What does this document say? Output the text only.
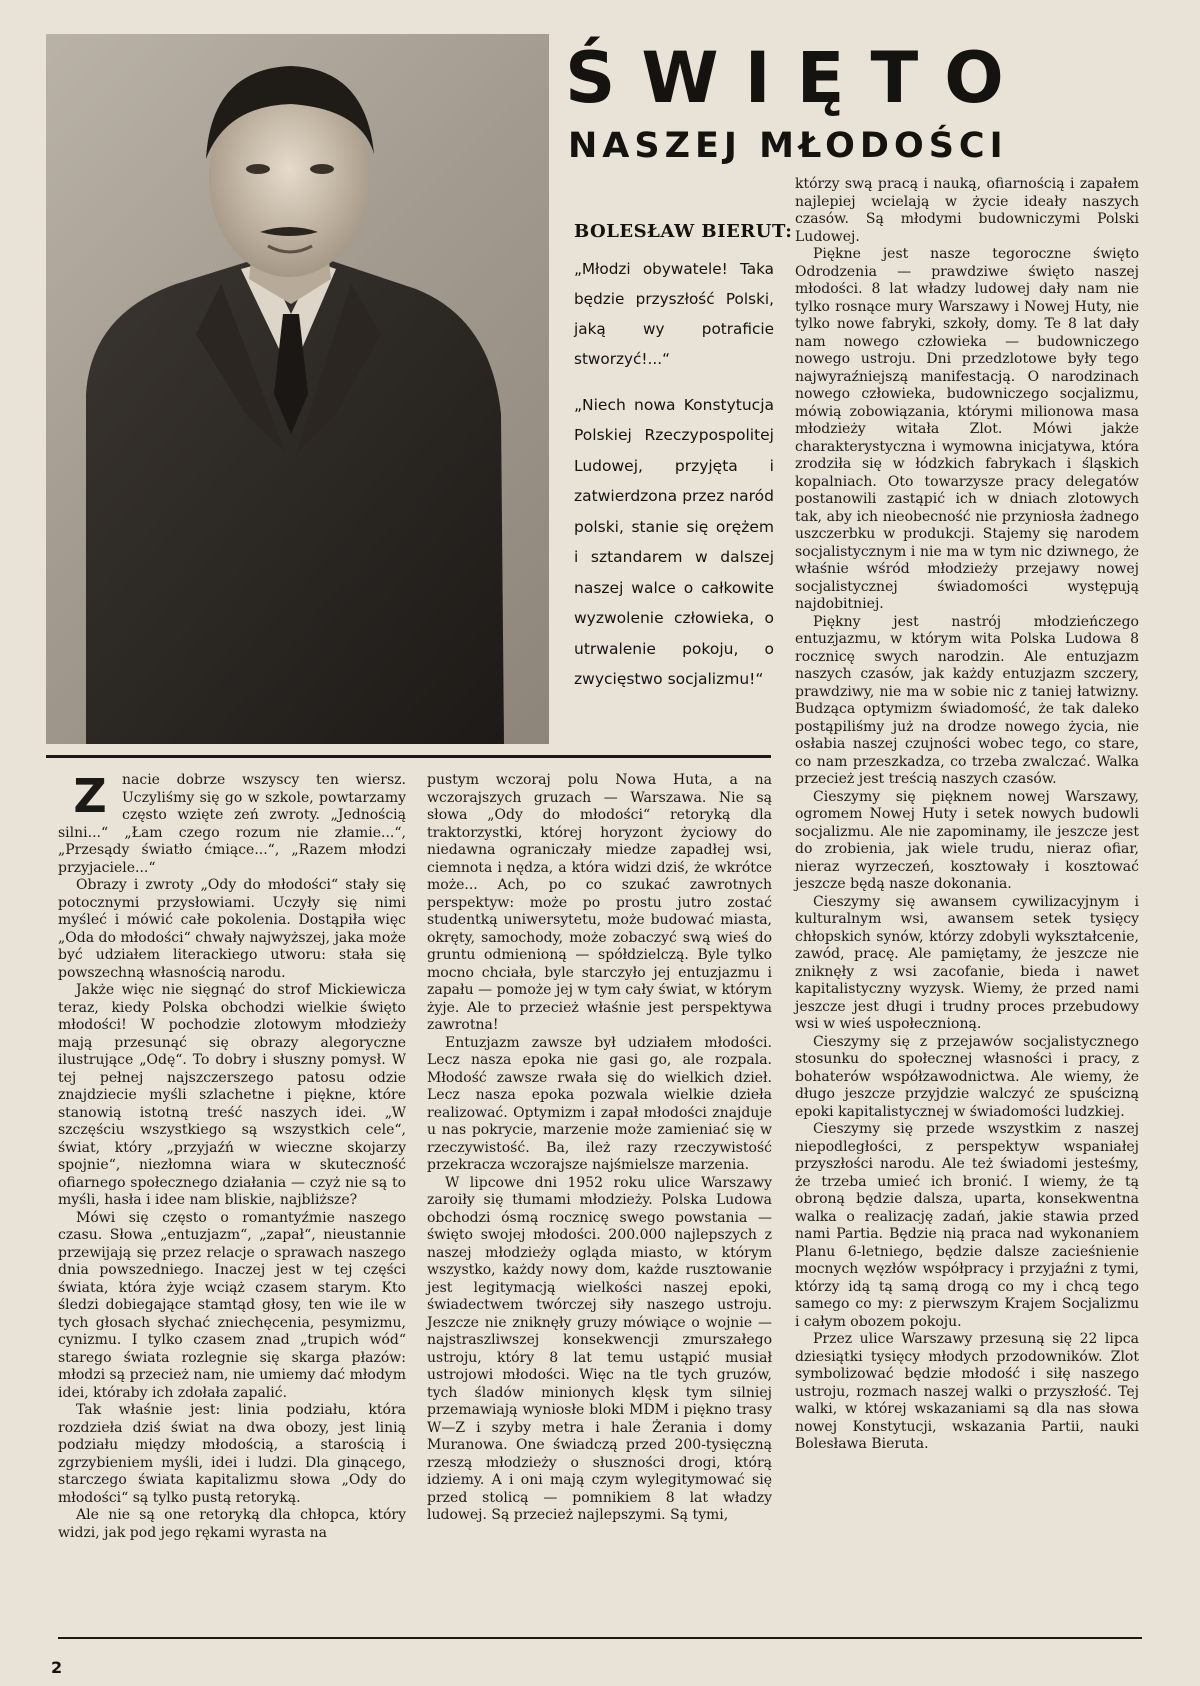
ŚWIĘTO
NASZEJ MŁODOŚCI
BOLESŁAW BIERUT:
„Młodzi obywatele! Taka będzie przyszłość Polski, jaką wy potraficie stworzyć!...“
„Niech nowa Konstytucja Polskiej Rzeczypospolitej Ludowej, przyjęta i zatwierdzona przez naród polski, stanie się orężem i sztandarem w dalszej naszej walce o całkowite wyzwolenie człowieka, o utrwalenie pokoju, o zwycięstwo socjalizmu!“
Z	nacie dobrze wszyscy ten wiersz. Uczyliśmy się go w szkole, powtarzamy często wzięte zeń zwroty. „Jednością silni...“ „Łam czego rozum nie złamie...“, „Przesądy światło ćmiące...“, „Razem młodzi przyjaciele...“

Obrazy i zwroty „Ody do młodości“ stały się potocznymi przysłowiami. Uczyły się nimi myśleć i mówić całe pokolenia. Dostąpiła więc „Oda do młodości“ chwały najwyższej, jaka może być udziałem literackiego utworu: stała się powszechną własnością narodu.

Jakże więc nie sięgnąć do strof Mickiewicza teraz, kiedy Polska obchodzi wielkie święto młodości! W pochodzie zlotowym młodzieży mają przesunąć się obrazy alegoryczne ilustrujące „Odę“. To dobry i słuszny pomysł. W tej pełnej najszczerszego patosu odzie znajdziecie myśli szlachetne i piękne, które stanowią istotną treść naszych idei. „W szczęściu wszystkiego są wszystkich cele“, świat, który „przyjaźń w wieczne skojarzy spojnie“, niezłomna wiara w skuteczność ofiarnego społecznego działania — czyż nie są to myśli, hasła i idee nam bliskie, najbliższe?

Mówi się często o romantyźmie naszego czasu. Słowa „entuzjazm“, „zapał“, nieustannie przewijają się przez relacje o sprawach naszego dnia powszedniego. Inaczej jest w tej części świata, która żyje wciąż czasem starym. Kto śledzi dobiegające stamtąd głosy, ten wie ile w tych głosach słychać zniechęcenia, pesymizmu, cynizmu. I tylko czasem znad „trupich wód“ starego świata rozlegnie się skarga płazów: młodzi są przecież nam, nie umiemy dać młodym idei, któraby ich zdołała zapalić.

Tak właśnie jest: linia podziału, która rozdzieła dziś świat na dwa obozy, jest linią podziału między młodością, a starością i zgrzybieniem myśli, idei i ludzi. Dla ginącego, starczego świata kapitalizmu słowa „Ody do młodości“ są tylko pustą retoryką.

Ale nie są one retoryką dla chłopca, który widzi, jak pod jego rękami wyrasta na

pustym wczoraj polu Nowa Huta, a na wczorajszych gruzach — Warszawa. Nie są słowa „Ody do młodości“ retoryką dla traktorzystki, której horyzont życiowy do niedawna ograniczały miedze zapadłej wsi, ciemnota i nędza, a która widzi dziś, że wkrótce może... Ach, po co szukać zawrotnych perspektyw: może po prostu jutro zostać studentką uniwersytetu, może budować miasta, okręty, samochody, może zobaczyć swą wieś do gruntu odmienioną — spółdzielczą. Byle tylko mocno chciała, byle starczyło jej entuzjazmu i zapału — pomoże jej w tym cały świat, w którym żyje. Ale to przecież właśnie jest perspektywa zawrotna!

Entuzjazm zawsze był udziałem młodości. Lecz nasza epoka nie gasi go, ale rozpala. Młodość zawsze rwała się do wielkich dzieł. Lecz nasza epoka pozwala wielkie dzieła realizować. Optymizm i zapał młodości znajduje u nas pokrycie, marzenie może zamieniać się w rzeczywistość. Ba, ileż razy rzeczywistość przekracza wczorajsze najśmielsze marzenia.

W lipcowe dni 1952 roku ulice Warszawy zaroiły się tłumami młodzieży. Polska Ludowa obchodzi ósmą rocznicę swego powstania — święto swojej młodości. 200.000 najlepszych z naszej młodzieży ogląda miasto, w którym wszystko, każdy nowy dom, każde rusztowanie jest legitymacją wielkości naszej epoki, świadectwem twórczej siły naszego ustroju. Jeszcze nie zniknęły gruzy mówiące o wojnie — najstraszliwszej konsekwencji zmurszałego ustroju, który 8 lat temu ustąpić musiał ustrojowi młodości. Więc na tle tych gruzów, tych śladów minionych klęsk tym silniej przemawiają wyniosłe bloki MDM i piękno trasy W—Z i szyby metra i hale Żerania i domy Muranowa. One świadczą przed 200-tysięczną rzeszą młodzieży o słuszności drogi, którą idziemy. A i oni mają czym wylegitymować się przed stolicą — pomnikiem 8 lat władzy ludowej. Są przecież najlepszymi. Są tymi,

którzy swą pracą i nauką, ofiarnością i zapałem najlepiej wcielają w życie ideały naszych czasów. Są młodymi budowniczymi Polski Ludowej.

Piękne jest nasze tegoroczne święto Odrodzenia — prawdziwe święto naszej młodości. 8 lat władzy ludowej dały nam nie tylko rosnące mury Warszawy i Nowej Huty, nie tylko nowe fabryki, szkoły, domy. Te 8 lat dały nam nowego człowieka — budowniczego nowego ustroju. Dni przedzlotowe były tego najwyraźniejszą manifestacją. O narodzinach nowego człowieka, budowniczego socjalizmu, mówią zobowiązania, którymi milionowa masa młodzieży witała Zlot. Mówi jakże charakterystyczna i wymowna inicjatywa, która zrodziła się w łódzkich fabrykach i śląskich kopalniach. Oto towarzysze pracy delegatów postanowili zastąpić ich w dniach zlotowych tak, aby ich nieobecność nie przyniosła żadnego uszczerbku w produkcji. Stajemy się narodem socjalistycznym i nie ma w tym nic dziwnego, że właśnie wśród młodzieży przejawy nowej socjalistycznej świadomości występują najdobitniej.

Piękny jest nastrój młodzieńczego entuzjazmu, w którym wita Polska Ludowa 8 rocznicę swych narodzin. Ale entuzjazm naszych czasów, jak każdy entuzjazm szczery, prawdziwy, nie ma w sobie nic z taniej łatwizny. Budząca optymizm świadomość, że tak daleko postąpiliśmy już na drodze nowego życia, nie osłabia naszej czujności wobec tego, co stare, co nam przeszkadza, co trzeba zwalczać. Walka przecież jest treścią naszych czasów.

Cieszymy się pięknem nowej Warszawy, ogromem Nowej Huty i setek nowych budowli socjalizmu. Ale nie zapominamy, ile jeszcze jest do zrobienia, jak wiele trudu, nieraz ofiar, nieraz wyrzeczeń, kosztowały i kosztować jeszcze będą nasze dokonania.

Cieszymy się awansem cywilizacyjnym i kulturalnym wsi, awansem setek tysięcy chłopskich synów, którzy zdobyli wykształcenie, zawód, pracę. Ale pamiętamy, że jeszcze nie zniknęły z wsi zacofanie, bieda i nawet kapitalistyczny wyzysk. Wiemy, że przed nami jeszcze jest długi i trudny proces przebudowy wsi w wieś uspołecznioną.

Cieszymy się z przejawów socjalistycznego stosunku do społecznej własności i pracy, z bohaterów współzawodnictwa. Ale wiemy, że długo jeszcze przyjdzie walczyć ze spuścizną epoki kapitalistycznej w świadomości ludzkiej.

Cieszymy się przede wszystkim z naszej niepodległości, z perspektyw wspaniałej przyszłości narodu. Ale też świadomi jesteśmy, że trzeba umieć ich bronić. I wiemy, że tą obroną będzie dalsza, uparta, konsekwentna walka o realizację zadań, jakie stawia przed nami Partia. Będzie nią praca nad wykonaniem Planu 6-letniego, będzie dalsze zacieśnienie mocnych węzłów współpracy i przyjaźni z tymi, którzy idą tą samą drogą co my i chcą tego samego co my: z pierwszym Krajem Socjalizmu i całym obozem pokoju.

Przez ulice Warszawy przesuną się 22 lipca dziesiątki tysięcy młodych przodowników. Zlot symbolizować będzie młodość i siłę naszego ustroju, rozmach naszej walki o przyszłość. Tej walki, w której wskazaniami są dla nas słowa nowej Konstytucji, wskazania Partii, nauki Bolesława Bieruta.

2
